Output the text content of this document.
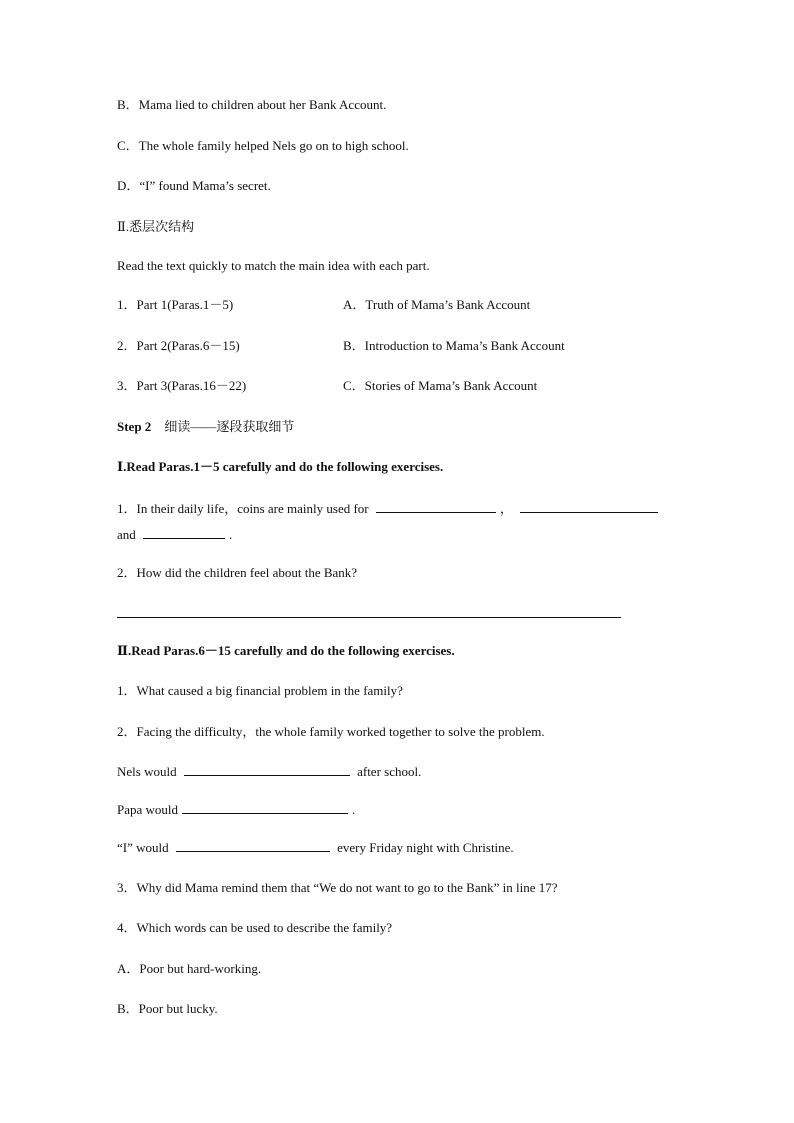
B．Mama lied to children about her Bank Account.
C．The whole family helped Nels go on to high school.
D．“I” found Mama’s secret.
Ⅱ.悉层次结构
Read the text quickly to match the main idea with each part.
1．Part 1(Paras.1－5)	A．Truth of Mama’s Bank Account
2．Part 2(Paras.6－15)	B．Introduction to Mama’s Bank Account
3．Part 3(Paras.16－22)	C．Stories of Mama’s Bank Account
Step 2 细读——逐段获取细节
Ⅰ.Read Paras.1－5 carefully and do the following exercises.
1．In their daily life，coins are mainly used for	，
and	.
2．How did the children feel about the Bank?
Ⅱ.Read Paras.6－15 carefully and do the following exercises.
1．What caused a big financial problem in the family?
2．Facing the difficulty，the whole family worked together to solve the problem.
Nels would	after school.
Papa would	.
“I” would	every Friday night with Christine.
3．Why did Mama remind them that “We do not want to go to the Bank” in line 17?
4．Which words can be used to describe the family?
A．Poor but hard-working.
B．Poor but lucky.
